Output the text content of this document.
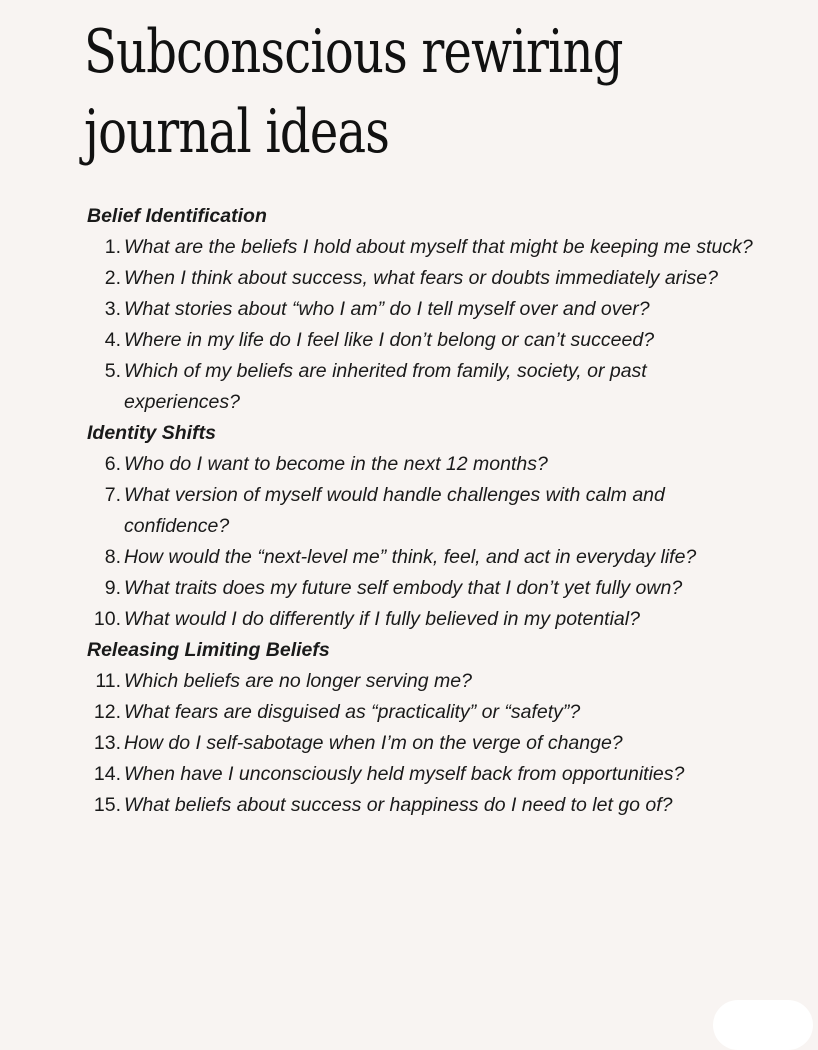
Subconscious rewiring journal ideas

Belief Identification

1. What are the beliefs I hold about myself that might be keeping me stuck?
2. When I think about success, what fears or doubts immediately arise?
3. What stories about “who I am” do I tell myself over and over?
4. Where in my life do I feel like I don’t belong or can’t succeed?
5. Which of my beliefs are inherited from family, society, or past experiences?

Identity Shifts

6. Who do I want to become in the next 12 months?
7. What version of myself would handle challenges with calm and confidence?
8. How would the “next-level me” think, feel, and act in everyday life?
9. What traits does my future self embody that I don’t yet fully own?
10. What would I do differently if I fully believed in my potential?

Releasing Limiting Beliefs

11. Which beliefs are no longer serving me?
12. What fears are disguised as “practicality” or “safety”?
13. How do I self-sabotage when I’m on the verge of change?
14. When have I unconsciously held myself back from opportunities?
15. What beliefs about success or happiness do I need to let go of?
